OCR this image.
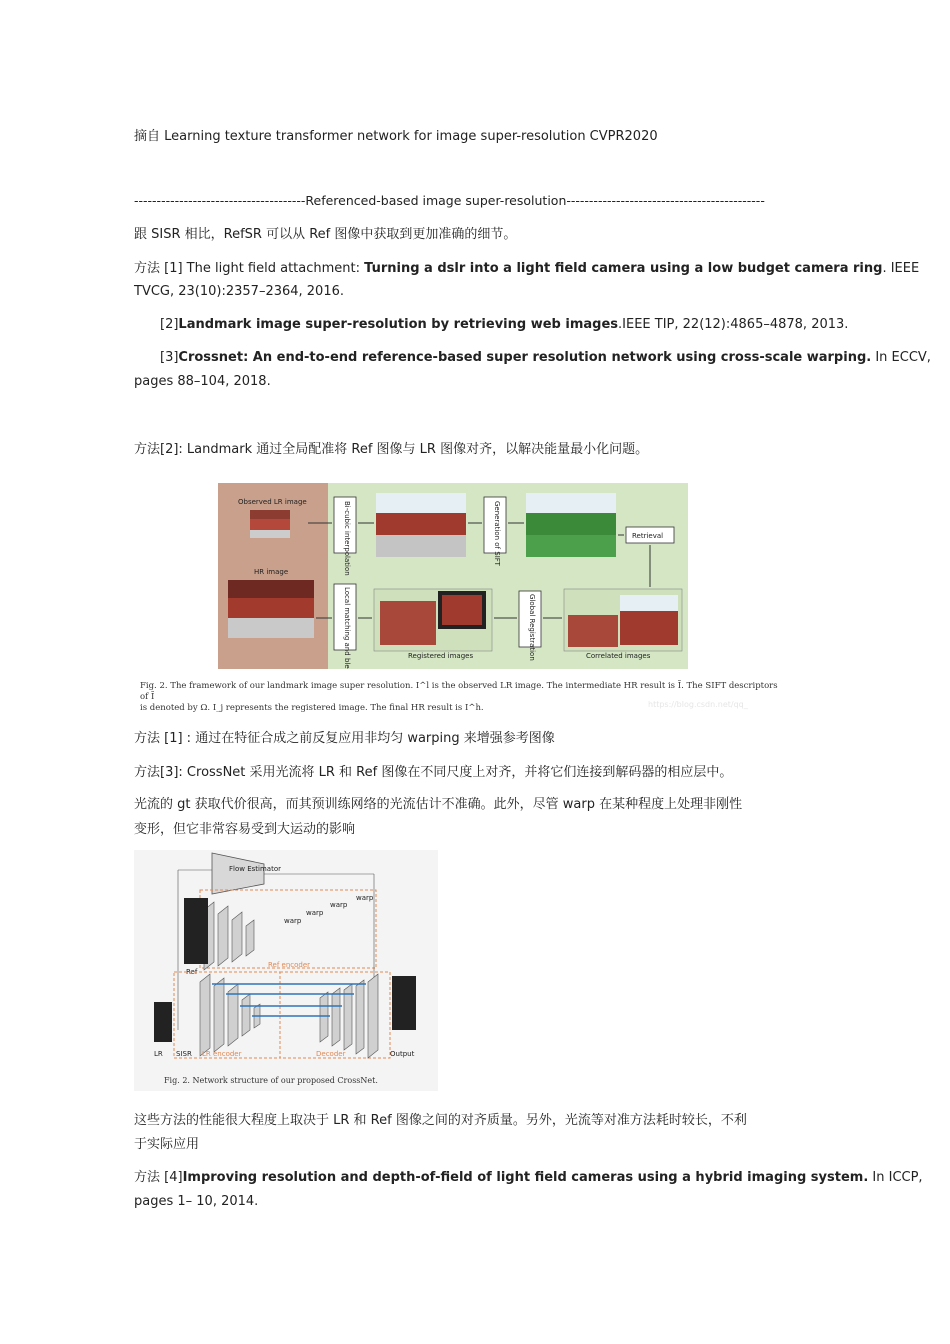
摘自 Learning texture transformer network for image super-resolution CVPR2020
--------------------------------------Referenced-based image super-resolution--------------------------------------------
跟 SISR 相比，RefSR 可以从 Ref 图像中获取到更加准确的细节。
方法 [1] The light field attachment: Turning a dslr into a light field camera using a low budget camera ring. IEEE
TVCG, 23(10):2357–2364, 2016.
[2]Landmark image super-resolution by retrieving web images.IEEE TIP, 22(12):4865–4878, 2013.
[3]Crossnet: An end-to-end reference-based super resolution network using cross-scale warping. In ECCV,
pages 88–104, 2018.
方法[2]: Landmark 通过全局配准将 Ref 图像与 LR 图像对齐，以解决能量最小化问题。
Bi-cubic interpolation	Generation of SIFT
Local matching and blending	Global Registration
Retrieval
Observed LR image
HR image
Registered images	Correlated images
Fig. 2. The framework of our landmark image super resolution. I^l is the observed LR image. The intermediate HR result is Ĩ. The SIFT descriptors of Ĩ
is denoted by Ω. I_j represents the registered image. The final HR result is I^h.	https://blog.csdn.net/qq_
方法 [1] : 通过在特征合成之前反复应用非均匀 warping 来增强参考图像
方法[3]: CrossNet 采用光流将 LR 和 Ref 图像在不同尺度上对齐，并将它们连接到解码器的相应层中。
光流的 gt 获取代价很高，而其预训练网络的光流估计不准确。此外，尽管 warp 在某种程度上处理非刚性
变形，但它非常容易受到大运动的影响
Flow Estimator
Ref encoder
Ref
warp
warp
warp
warp
LR SISR LR encoder	Decoder	Output
Fig. 2. Network structure of our proposed CrossNet.
这些方法的性能很大程度上取决于 LR 和 Ref 图像之间的对齐质量。另外，光流等对准方法耗时较长，不利
于实际应用
方法 [4]Improving resolution and depth-of-field of light field cameras using a hybrid imaging system. In ICCP,
pages 1– 10, 2014.
